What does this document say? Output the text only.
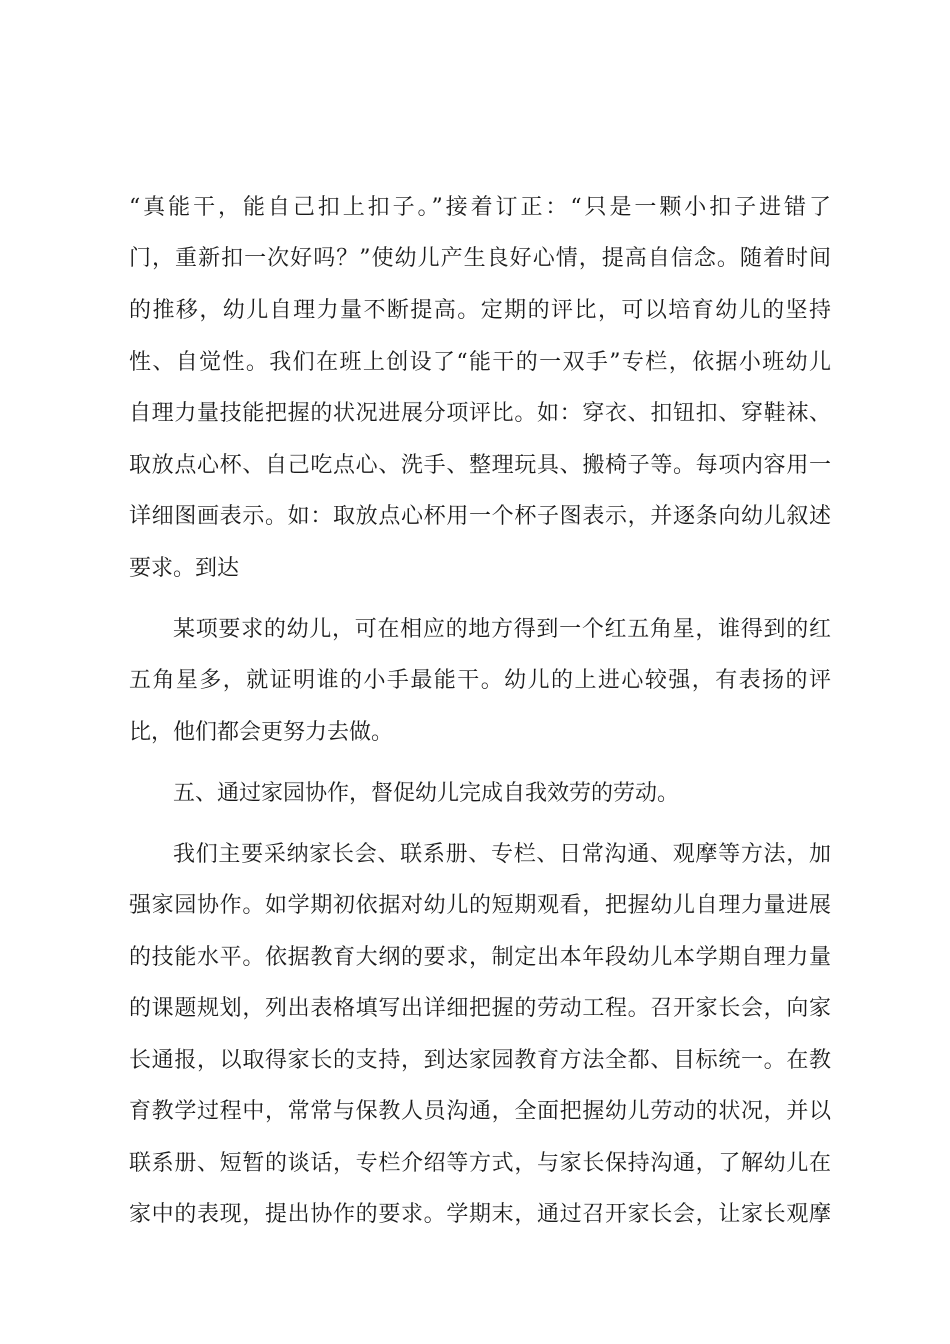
“真能干，能自己扣上扣子。”接着订正：“只是一颗小扣子进错了
门，重新扣一次好吗？”使幼儿产生良好心情，提高自信念。随着时间
的推移，幼儿自理力量不断提高。定期的评比，可以培育幼儿的坚持
性、自觉性。我们在班上创设了“能干的一双手”专栏，依据小班幼儿
自理力量技能把握的状况进展分项评比。如：穿衣、扣钮扣、穿鞋袜、
取放点心杯、自己吃点心、洗手、整理玩具、搬椅子等。每项内容用一
详细图画表示。如：取放点心杯用一个杯子图表示，并逐条向幼儿叙述
要求。到达
某项要求的幼儿，可在相应的地方得到一个红五角星，谁得到的红
五角星多，就证明谁的小手最能干。幼儿的上进心较强，有表扬的评
比，他们都会更努力去做。
五、通过家园协作，督促幼儿完成自我效劳的劳动。
我们主要采纳家长会、联系册、专栏、日常沟通、观摩等方法，加
强家园协作。如学期初依据对幼儿的短期观看，把握幼儿自理力量进展
的技能水平。依据教育大纲的要求，制定出本年段幼儿本学期自理力量
的课题规划，列出表格填写出详细把握的劳动工程。召开家长会，向家
长通报，以取得家长的支持，到达家园教育方法全都、目标统一。在教
育教学过程中，常常与保教人员沟通，全面把握幼儿劳动的状况，并以
联系册、短暂的谈话，专栏介绍等方式，与家长保持沟通，了解幼儿在
家中的表现，提出协作的要求。学期末，通过召开家长会，让家长观摩
